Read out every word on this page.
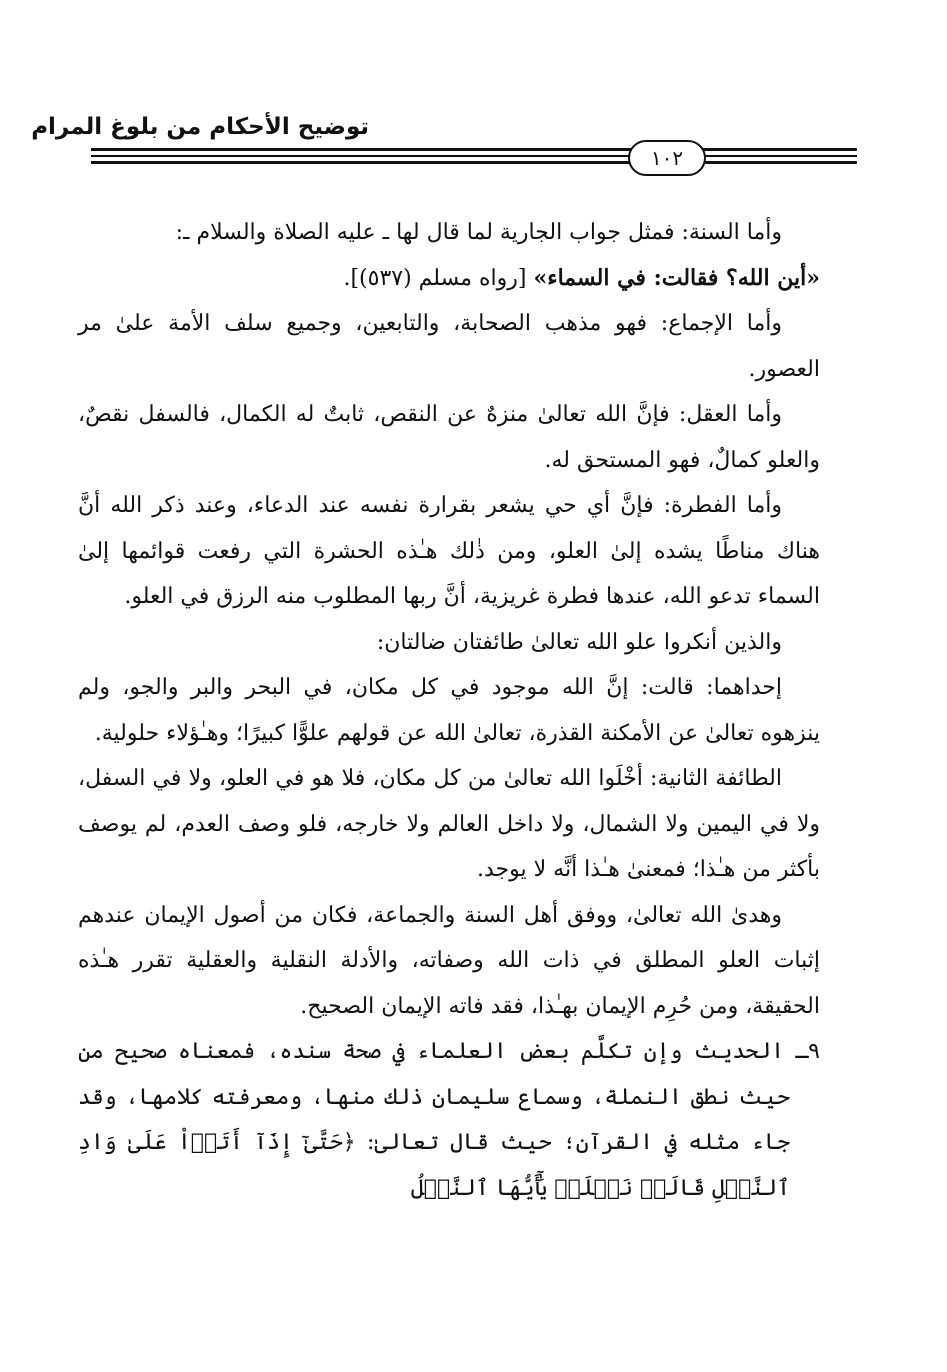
توضيح الأحكام من بلوغ المرام
١٠٢

وأما السنة: فمثل جواب الجارية لما قال لها ـ عليه الصلاة والسلام ـ:
«أين الله؟ فقالت: في السماء» [رواه مسلم (٥٣٧)].

وأما الإجماع: فهو مذهب الصحابة، والتابعين، وجميع سلف الأمة علىٰ مر العصور.

وأما العقل: فإنَّ الله تعالىٰ منزهٌ عن النقص، ثابتٌ له الكمال، فالسفل نقصٌ، والعلو كمالٌ، فهو المستحق له.

وأما الفطرة: فإنَّ أي حي يشعر بقرارة نفسه عند الدعاء، وعند ذكر الله أنَّ هناك مناطًا يشده إلىٰ العلو، ومن ذٰلك هـٰذه الحشرة التي رفعت قوائمها إلىٰ السماء تدعو الله، عندها فطرة غريزية، أنَّ ربها المطلوب منه الرزق في العلو.

والذين أنكروا علو الله تعالىٰ طائفتان ضالتان:

إحداهما: قالت: إنَّ الله موجود في كل مكان، في البحر والبر والجو، ولم ينزهوه تعالىٰ عن الأمكنة القذرة، تعالىٰ الله عن قولهم علوًّا كبيرًا؛ وهـٰؤلاء حلولية.

الطائفة الثانية: أخْلَوا الله تعالىٰ من كل مكان، فلا هو في العلو، ولا في السفل، ولا في اليمين ولا الشمال، ولا داخل العالم ولا خارجه، فلو وصف العدم، لم يوصف بأكثر من هـٰذا؛ فمعنىٰ هـٰذا أنَّه لا يوجد.

وهدىٰ الله تعالىٰ، ووفق أهل السنة والجماعة، فكان من أصول الإيمان عندهم إثبات العلو المطلق في ذات الله وصفاته، والأدلة النقلية والعقلية تقرر هـٰذه الحقيقة، ومن حُرِم الإيمان بهـٰذا، فقد فاته الإيمان الصحيح.

٩ـ الحديث وإن تكلَّم بعض العلماء في صحة سنده، فمعناه صحيح من حيث نطق النملة، وسماع سليمان ذلك منها، ومعرفته كلامها، وقد جاء مثله في القرآن؛ حيث قال تعالىٰ: ﴿حَتَّىٰٓ إِذَآ أَتَوۡاْ عَلَىٰ وَادِ ٱلنَّمۡلِ قَالَتۡ نَمۡلَةٞ يَٰٓأَيُّهَا ٱلنَّمۡلُ
